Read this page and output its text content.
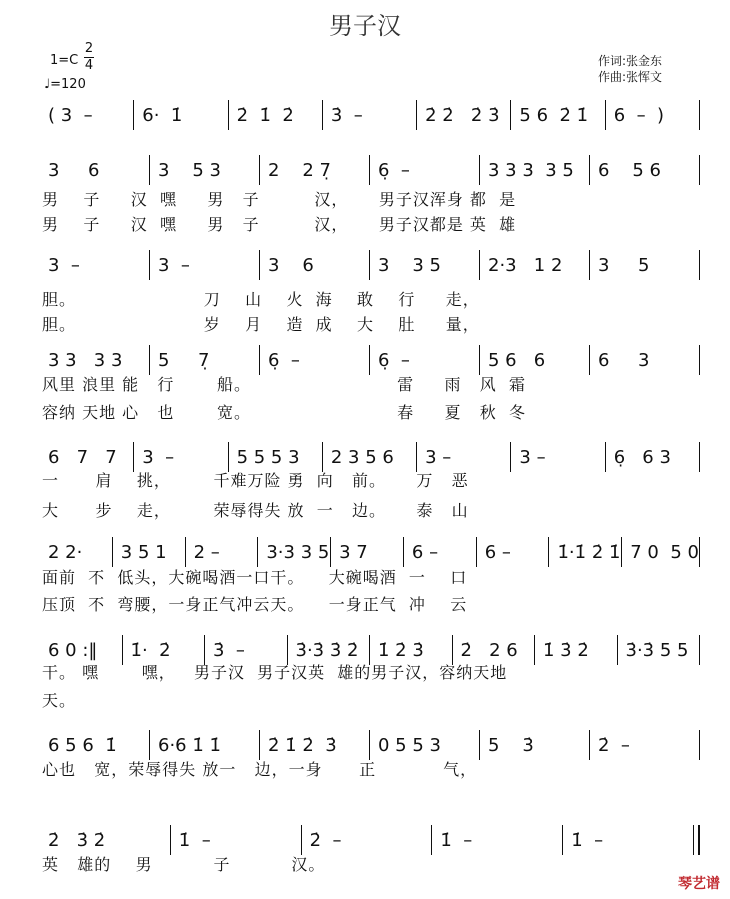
男子汉
1=C
2
4
♩=120
作词:张金东
作曲:张恽文
( 3  –	6·  1̇	2̇  1̇  2̇	3̇  –	2̇ 2̇   2̇ 3̇	5 6  2̇ 1̇	6  –  )
3     6	3    5 3	2    2 7̣	6̣  –	3 3 3  3 5	6    5 6
男    子     汉  嘿     男   子         汉，     男子汉浑身 都  是
男    子     汉  嘿     男   子         汉，     男子汉都是 英  雄
3  –	3  –	3    6	3    3 5	2·3   1 2	3     5
胆。                     刀    山    火  海    敢    行     走，
胆。                     岁    月    造  成    大    肚     量，
3 3   3 3	5     7̣	6̣  –	6̣  –	5 6   6	6     3
风里 浪里 能   行       船。                        雷     雨   风  霜
容纳 天地 心   也       宽。                        春     夏   秋  冬
6   7   7	3  –	5 5 5 3	2 3 5 6	3 –	3 –	6̣   6 3
一      肩    挑，       千难万险 勇  向   前。     万   恶
大      步    走，       荣辱得失 放  一   边。     泰   山
2 2·	3 5 1	2 –	3·3 3 5 3 7	6 –	6 –	1̇·1̇ 2̇ 1̇ 7 0  5 0
面前  不  低头，大碗喝酒一口干。    大碗喝酒  一    口
压顶  不  弯腰，一身正气冲云天。    一身正气  冲    云
6 0 :‖	1̇·  2̇	3̇  –	3̇·3̇ 3̇ 2̇	1̇ 2̇ 3̇	2̇   2 6	1̇ 3̇ 2̇	3̇·3̇ 5 5
干。 嘿       嘿，   男子汉  男子汉英  雄的男子汉，容纳天地
天。
6 5 6  1̇	6·6 1̇ 1̇	2̇ 1̇ 2̇  3̇	0 5 5 3	5    3̇	2̇  –
心也   宽，荣辱得失 放一   边，一身      正           气，
2̇   3̇ 2̇	1̇  –	2̇  –	1̇  –	1̇  –
英   雄的    男          子          汉。
琴艺谱
